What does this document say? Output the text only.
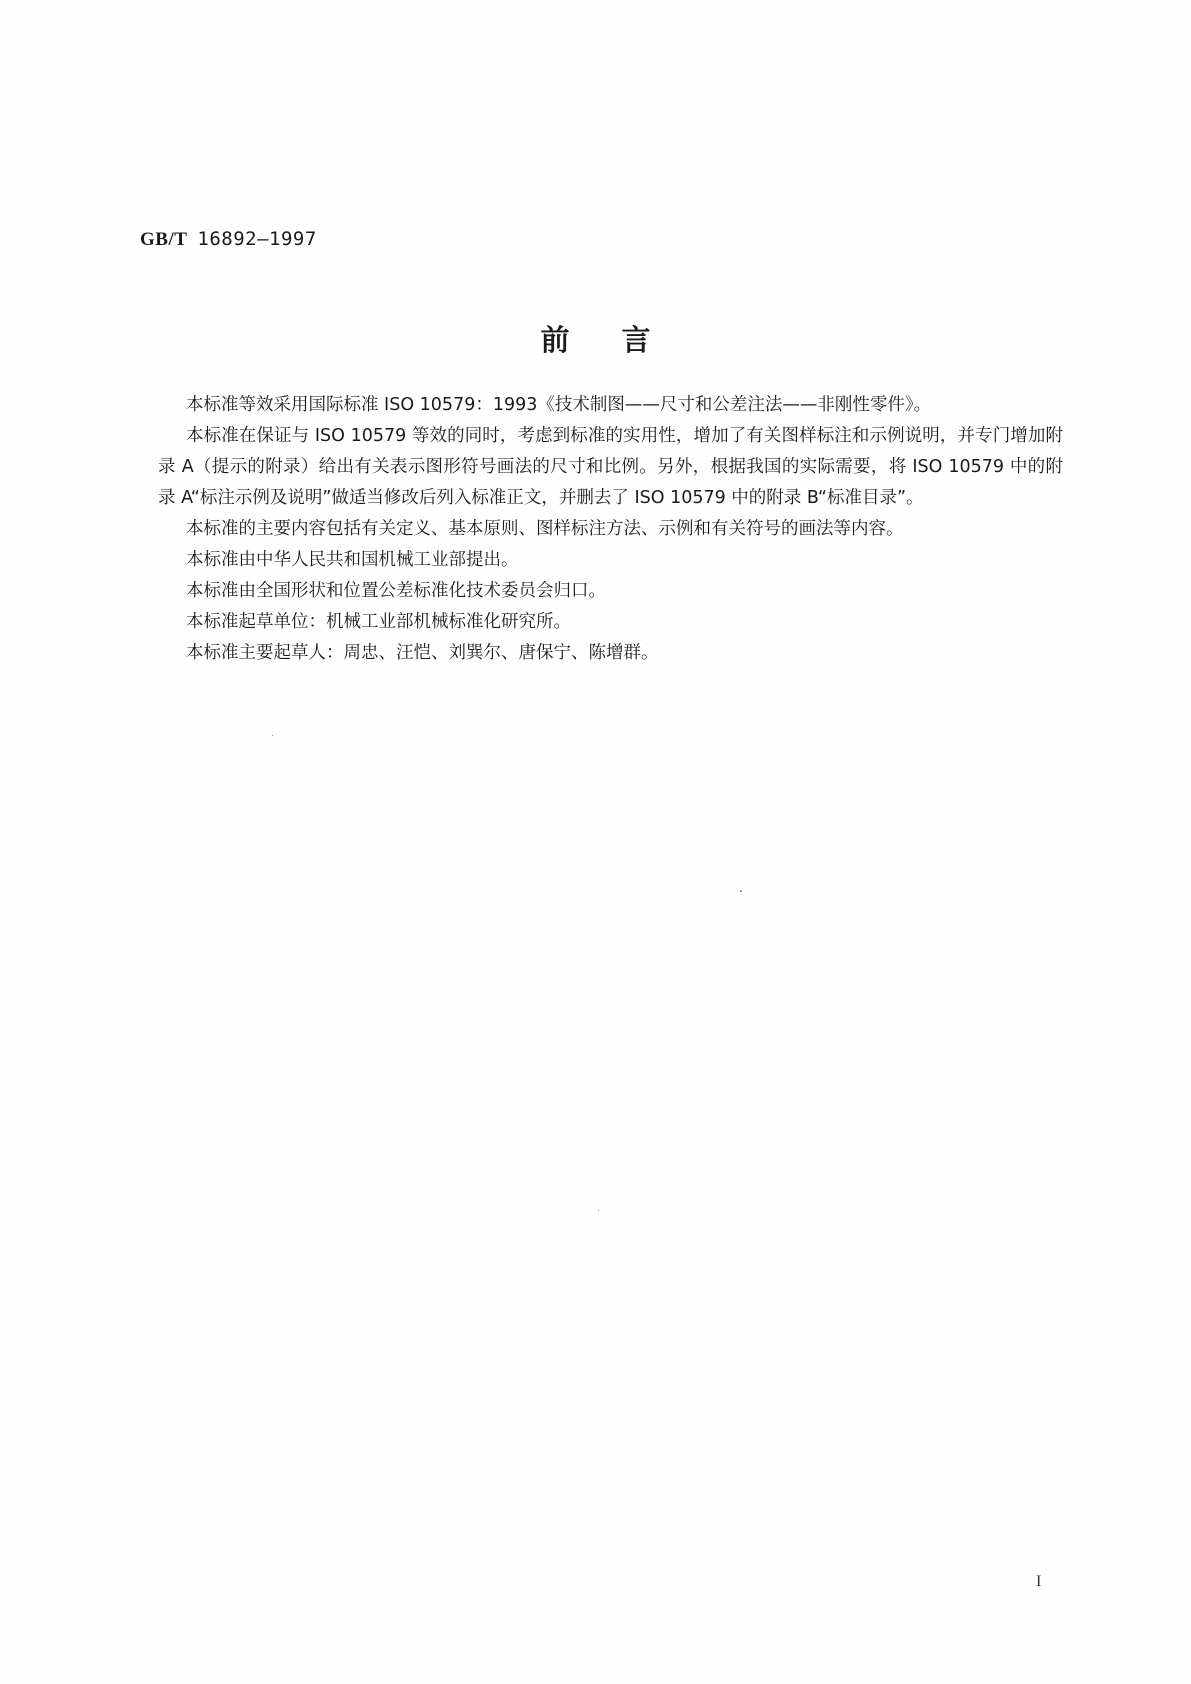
GB/T 16892—1997
前言

本标准等效采用国际标准 ISO 10579：1993《技术制图——尺寸和公差注法——非刚性零件》。

本标准在保证与 ISO 10579 等效的同时，考虑到标准的实用性，增加了有关图样标注和示例说明，并专门增加附录 A（提示的附录）给出有关表示图形符号画法的尺寸和比例。另外，根据我国的实际需要，将 ISO 10579 中的附录 A“标注示例及说明”做适当修改后列入标准正文，并删去了 ISO 10579 中的附录 B“标准目录”。

本标准的主要内容包括有关定义、基本原则、图样标注方法、示例和有关符号的画法等内容。

本标准由中华人民共和国机械工业部提出。

本标准由全国形状和位置公差标准化技术委员会归口。

本标准起草单位：机械工业部机械标准化研究所。

本标准主要起草人：周忠、汪恺、刘巽尔、唐保宁、陈增群。

I
